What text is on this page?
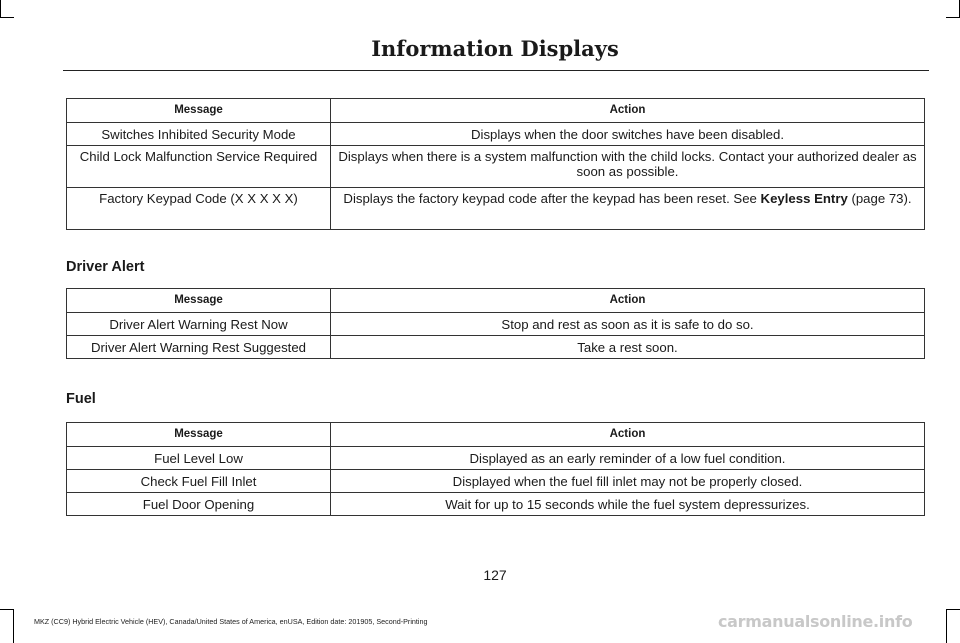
Information Displays
Message	Action
Switches Inhibited Security Mode	Displays when the door switches have been disabled.
Child Lock Malfunction Service Required	Displays when there is a system malfunction with the child locks. Contact your authorized dealer as soon as possible.
Factory Keypad Code (X X X X X)	Displays the factory keypad code after the keypad has been reset. See Keyless Entry (page 73).
Driver Alert
Message	Action
Driver Alert Warning Rest Now	Stop and rest as soon as it is safe to do so.
Driver Alert Warning Rest Suggested	Take a rest soon.
Fuel
Message	Action
Fuel Level Low	Displayed as an early reminder of a low fuel condition.
Check Fuel Fill Inlet	Displayed when the fuel fill inlet may not be properly closed.
Fuel Door Opening	Wait for up to 15 seconds while the fuel system depressurizes.
127
MKZ (CC9) Hybrid Electric Vehicle (HEV), Canada/United States of America, enUSA, Edition date: 201905, Second-Printing	carmanualsonline.info
